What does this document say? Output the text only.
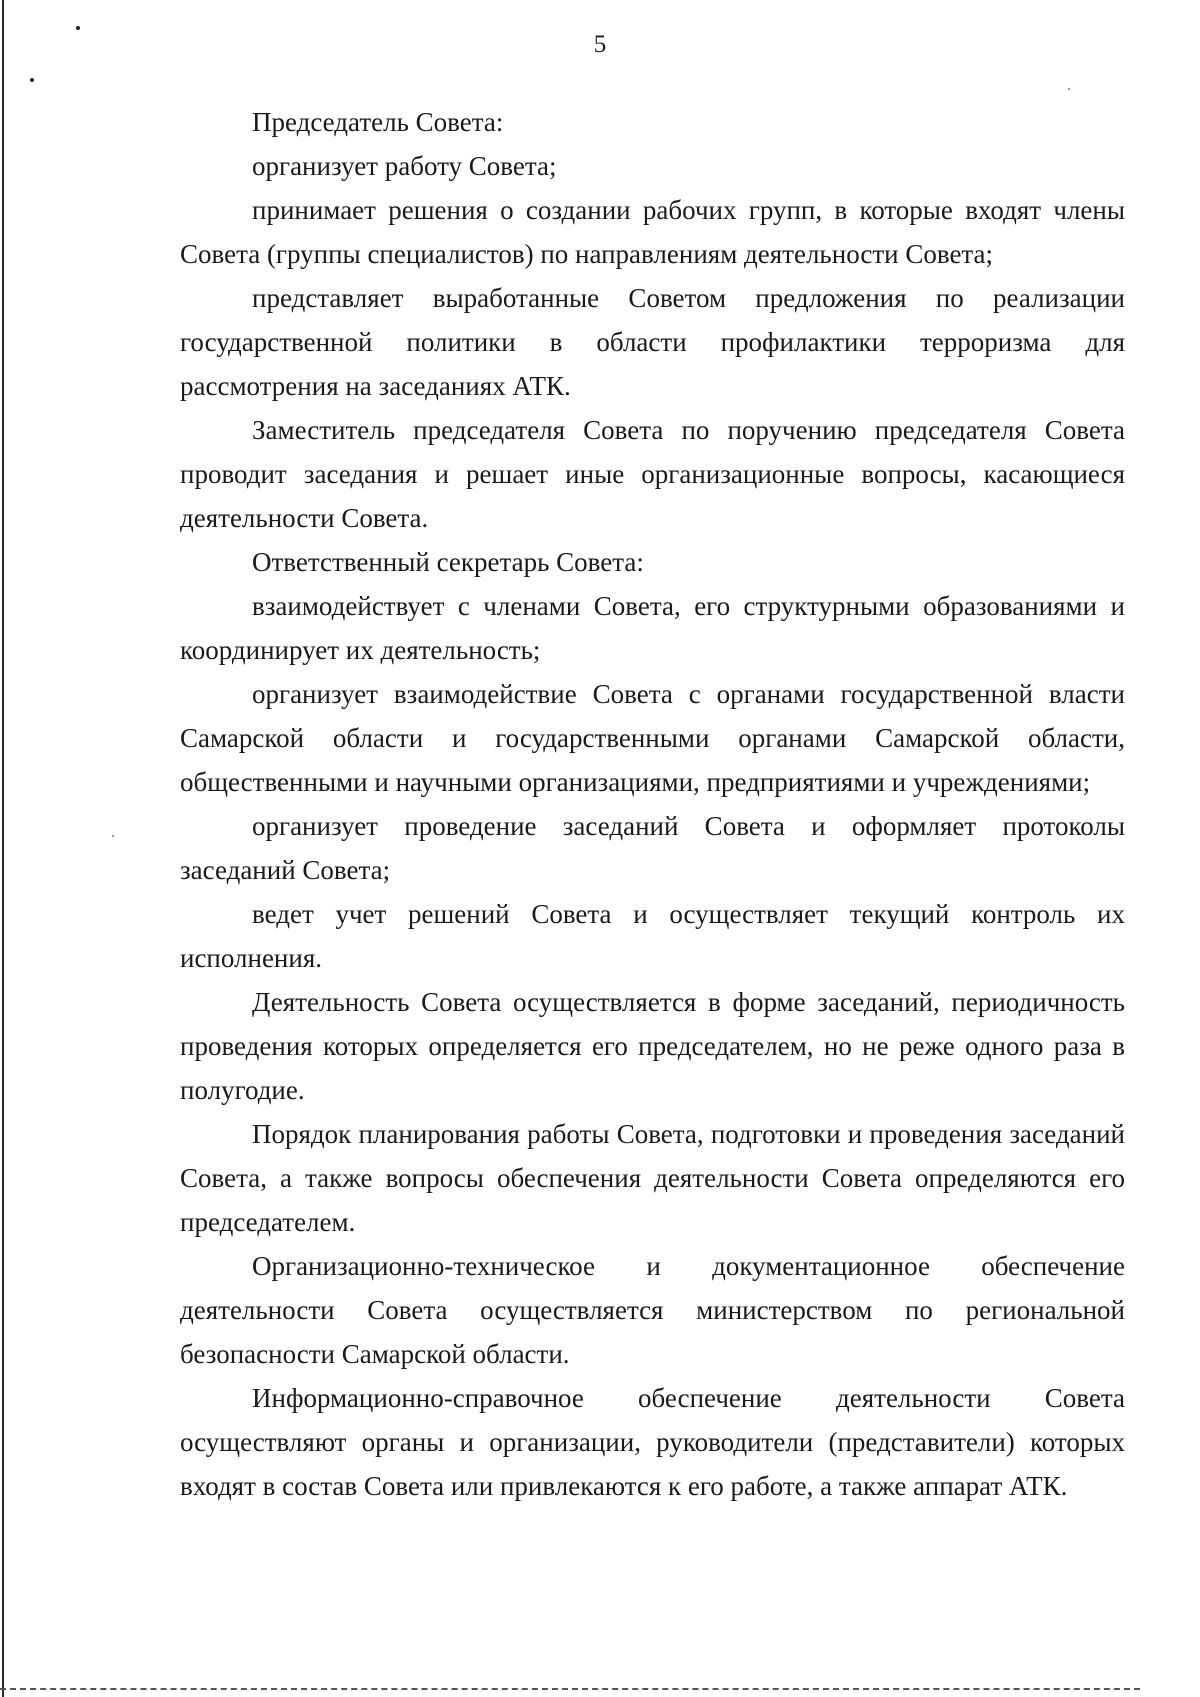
5

Председатель Совета:

организует работу Совета;

принимает решения о создании рабочих групп, в которые входят члены Совета (группы специалистов) по направлениям деятельности Совета;

представляет выработанные Советом предложения по реализации государственной политики в области профилактики терроризма для рассмотрения на заседаниях АТК.

Заместитель председателя Совета по поручению председателя Совета проводит заседания и решает иные организационные вопросы, касающиеся деятельности Совета.

Ответственный секретарь Совета:

взаимодействует с членами Совета, его структурными образованиями и координирует их деятельность;

организует взаимодействие Совета с органами государственной власти Самарской области и государственными органами Самарской области, общественными и научными организациями, предприятиями и учреждениями;

организует проведение заседаний Совета и оформляет протоколы заседаний Совета;

ведет учет решений Совета и осуществляет текущий контроль их исполнения.

Деятельность Совета осуществляется в форме заседаний, периодичность проведения которых определяется его председателем, но не реже одного раза в полугодие.

Порядок планирования работы Совета, подготовки и проведения заседаний Совета, а также вопросы обеспечения деятельности Совета определяются его председателем.

Организационно-техническое и документационное обеспечение деятельности Совета осуществляется министерством по региональной безопасности Самарской области.

Информационно-справочное обеспечение деятельности Совета осуществляют органы и организации, руководители (представители) которых входят в состав Совета или привлекаются к его работе, а также аппарат АТК.
